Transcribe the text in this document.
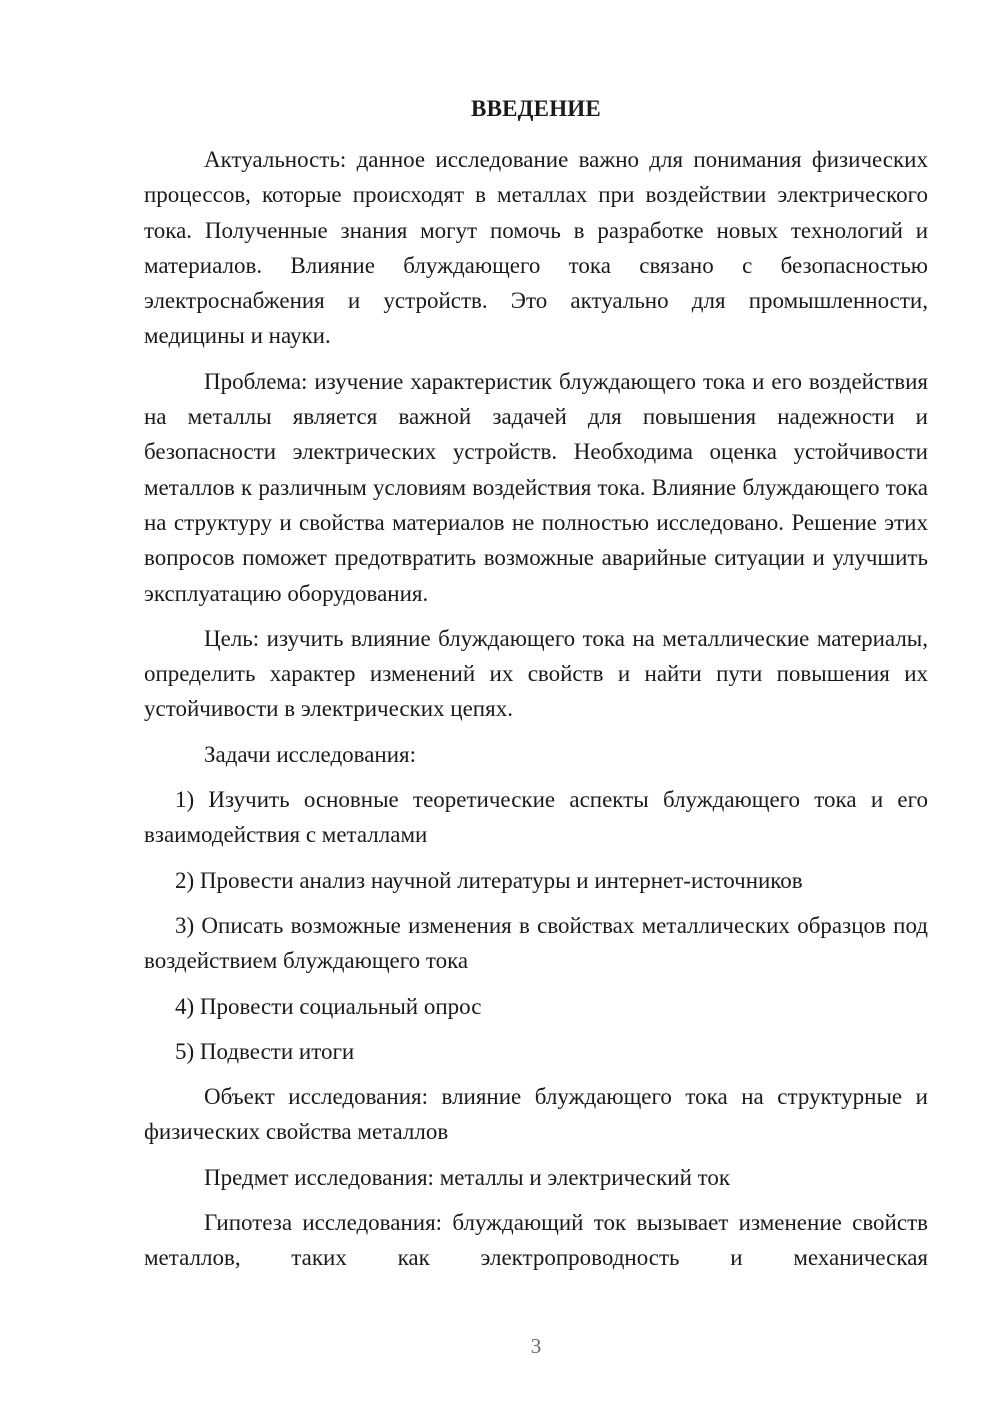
ВВЕДЕНИЕ

Актуальность: данное исследование важно для понимания физических процессов, которые происходят в металлах при воздействии электрического тока. Полученные знания могут помочь в разработке новых технологий и материалов. Влияние блуждающего тока связано с безопасностью электроснабжения и устройств. Это актуально для промышленности, медицины и науки.

Проблема: изучение характеристик блуждающего тока и его воздействия на металлы является важной задачей для повышения надежности и безопасности электрических устройств. Необходима оценка устойчивости металлов к различным условиям воздействия тока. Влияние блуждающего тока на структуру и свойства материалов не полностью исследовано. Решение этих вопросов поможет предотвратить возможные аварийные ситуации и улучшить эксплуатацию оборудования.

Цель: изучить влияние блуждающего тока на металлические материалы, определить характер изменений их свойств и найти пути повышения их устойчивости в электрических цепях.

Задачи исследования:

1) Изучить основные теоретические аспекты блуждающего тока и его взаимодействия с металлами

2) Провести анализ научной литературы и интернет-источников

3) Описать возможные изменения в свойствах металлических образцов под воздействием блуждающего тока

4) Провести социальный опрос

5) Подвести итоги

Объект исследования: влияние блуждающего тока на структурные и физических свойства металлов

Предмет исследования: металлы и электрический ток

Гипотеза исследования: блуждающий ток вызывает изменение свойств металлов, таких как электропроводность и механическая

3
